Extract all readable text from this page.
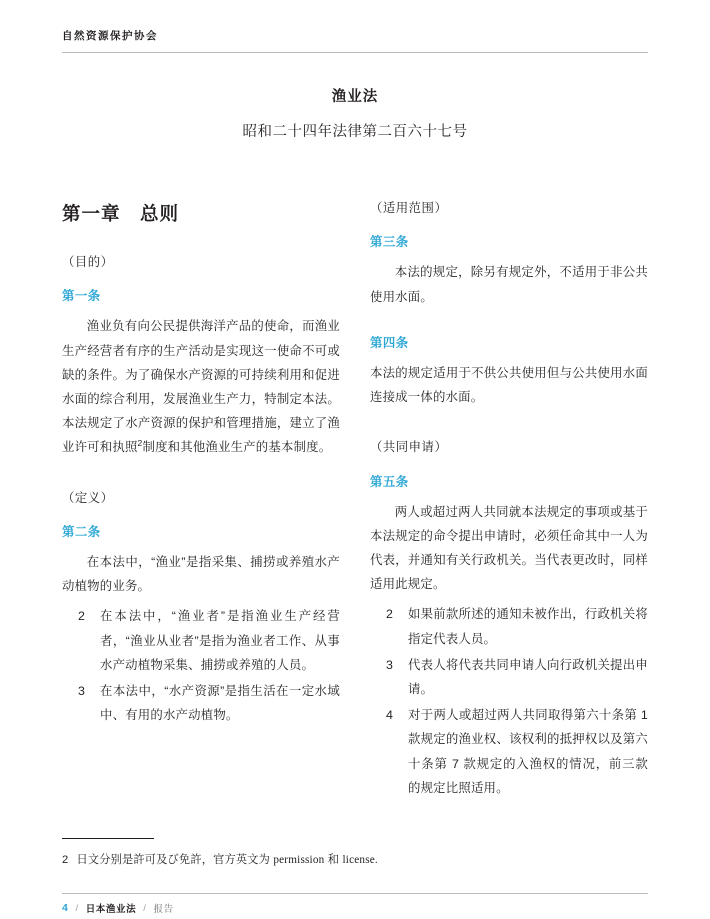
自然资源保护协会
渔业法
昭和二十四年法律第二百六十七号
第一章　总则
（目的）
第一条

渔业负有向公民提供海洋产品的使命，而渔业生产经营者有序的生产活动是实现这一使命不可或缺的条件。为了确保水产资源的可持续利用和促进水面的综合利用，发展渔业生产力，特制定本法。本法规定了水产资源的保护和管理措施，建立了渔业许可和执照$^2$制度和其他渔业生产的基本制度。

（定义）
第二条

在本法中，“渔业”是指采集、捕捞或养殖水产动植物的业务。

2 在本法中，“渔业者”是指渔业生产经营者，“渔业从业者”是指为渔业者工作、从事水产动植物采集、捕捞或养殖的人员。
3 在本法中，“水产资源”是指生活在一定水域中、有用的水产动植物。
（适用范围）
第三条

本法的规定，除另有规定外，不适用于非公共使用水面。

第四条

本法的规定适用于不供公共使用但与公共使用水面连接成一体的水面。

（共同申请）
第五条

两人或超过两人共同就本法规定的事项或基于本法规定的命令提出申请时，必须任命其中一人为代表，并通知有关行政机关。当代表更改时，同样适用此规定。

2 如果前款所述的通知未被作出，行政机关将指定代表人员。
3 代表人将代表共同申请人向行政机关提出申请。
4 对于两人或超过两人共同取得第六十条第 1 款规定的渔业权、该权利的抵押权以及第六十条第 7 款规定的入渔权的情况，前三款的规定比照适用。
2 日文分别是許可及び免許，官方英文为 permission 和 license.
4 / 日本渔业法 / 报告
